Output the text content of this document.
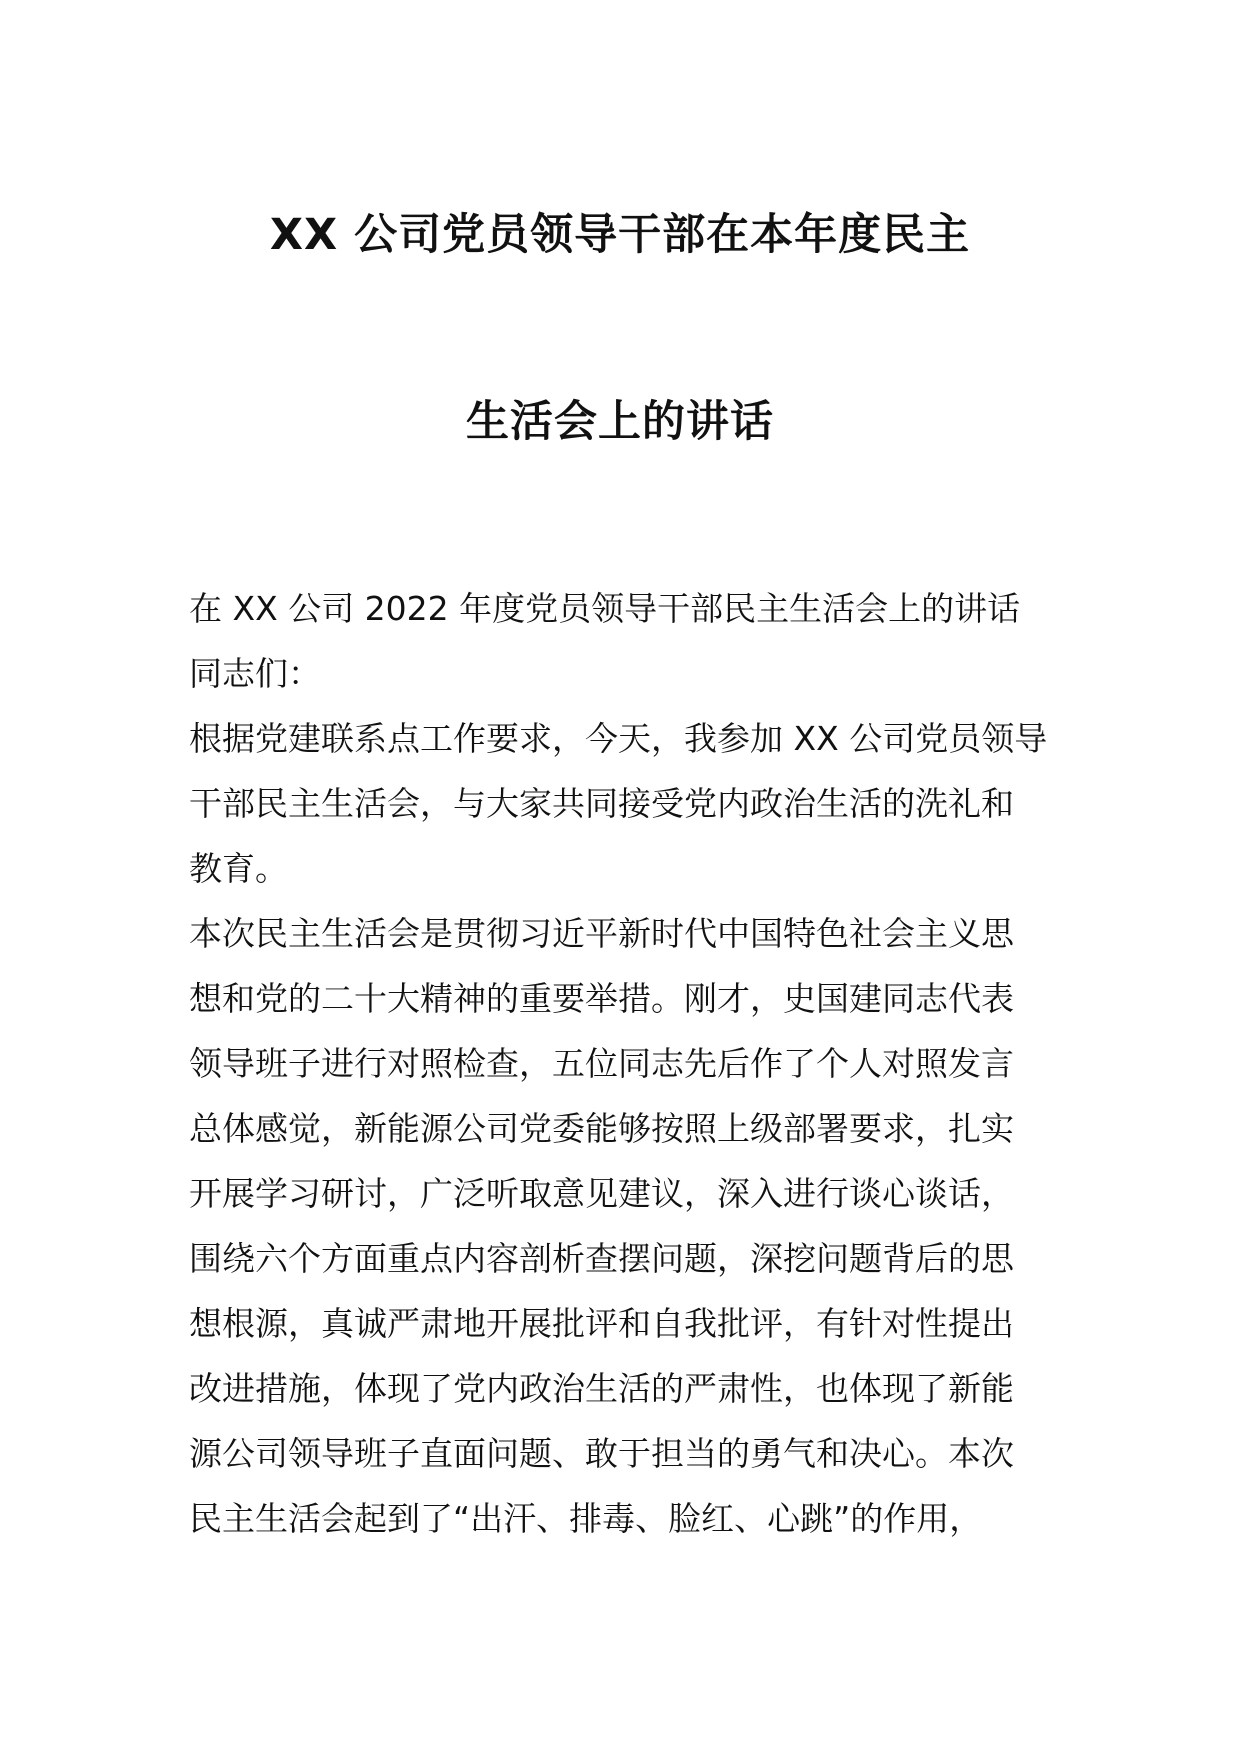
XX 公司党员领导干部在本年度民主
生活会上的讲话
在 XX 公司 2022 年度党员领导干部民主生活会上的讲话
同志们：
根据党建联系点工作要求，今天，我参加 XX 公司党员领导
干部民主生活会，与大家共同接受党内政治生活的洗礼和
教育。
本次民主生活会是贯彻习近平新时代中国特色社会主义思
想和党的二十大精神的重要举措。刚才，史国建同志代表
领导班子进行对照检查，五位同志先后作了个人对照发言
总体感觉，新能源公司党委能够按照上级部署要求，扎实
开展学习研讨，广泛听取意见建议，深入进行谈心谈话，
围绕六个方面重点内容剖析查摆问题，深挖问题背后的思
想根源，真诚严肃地开展批评和自我批评，有针对性提出
改进措施，体现了党内政治生活的严肃性，也体现了新能
源公司领导班子直面问题、敢于担当的勇气和决心。本次
民主生活会起到了“出汗、排毒、脸红、心跳”的作用，
